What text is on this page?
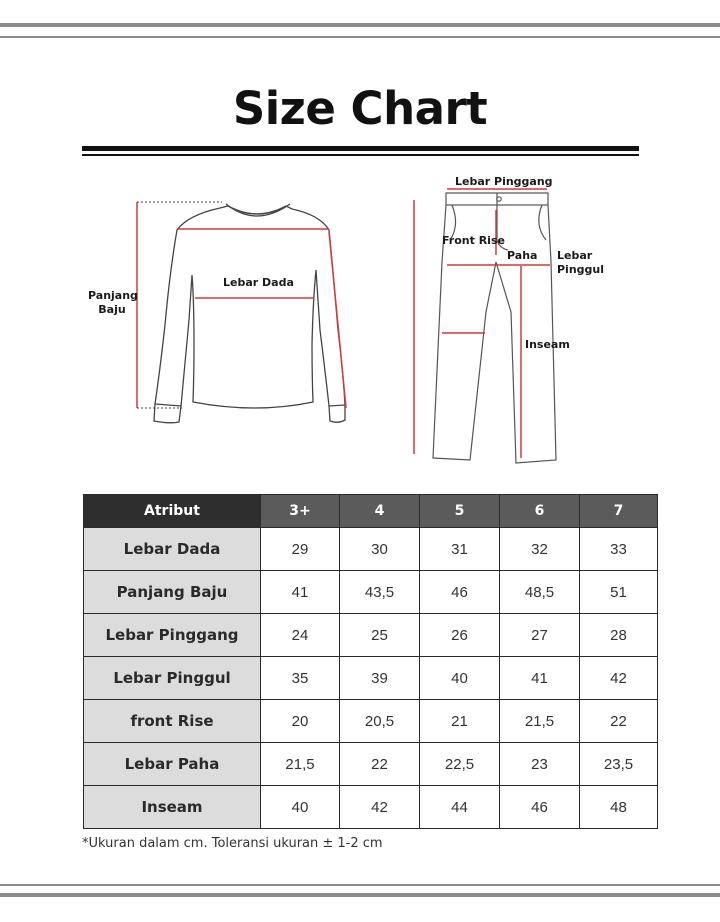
Size Chart
Panjang
Baju
Lebar Dada
Lebar Pinggang
Front Rise
Paha Lebar
Pinggul
Inseam
Atribut	3+	4	5	6	7
Lebar Dada	29	30	31	32	33
Panjang Baju	41	43,5	46	48,5	51
Lebar Pinggang	24	25	26	27	28
Lebar Pinggul	35	39	40	41	42
front Rise	20	20,5	21	21,5	22
Lebar Paha	21,5	22	22,5	23	23,5
Inseam	40	42	44	46	48
*Ukuran dalam cm. Toleransi ukuran ± 1-2 cm
